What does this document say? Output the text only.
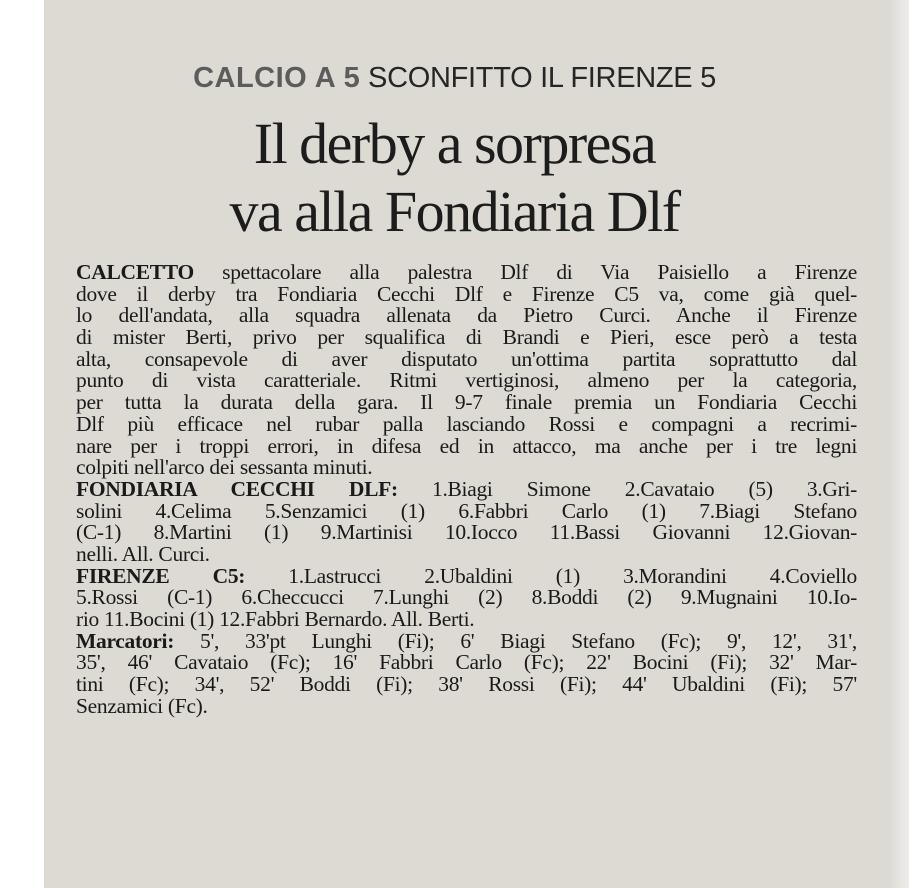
CALCIO A 5 SCONFITTO IL FIRENZE 5
Il derby a sorpresa
va alla Fondiaria Dlf
CALCETTO spettacolare alla palestra Dlf di Via Paisiello a Firenze
dove il derby tra Fondiaria Cecchi Dlf e Firenze C5 va, come già quel-
lo dell'andata, alla squadra allenata da Pietro Curci. Anche il Firenze
di mister Berti, privo per squalifica di Brandi e Pieri, esce però a testa
alta, consapevole di aver disputato un'ottima partita soprattutto dal
punto di vista caratteriale. Ritmi vertiginosi, almeno per la categoria,
per tutta la durata della gara. Il 9-7 finale premia un Fondiaria Cecchi
Dlf più efficace nel rubar palla lasciando Rossi e compagni a recrimi-
nare per i troppi errori, in difesa ed in attacco, ma anche per i tre legni
colpiti nell'arco dei sessanta minuti.
FONDIARIA CECCHI DLF: 1.Biagi Simone 2.Cavataio (5) 3.Gri-
solini 4.Celima 5.Senzamici (1) 6.Fabbri Carlo (1) 7.Biagi Stefano
(C-1) 8.Martini (1) 9.Martinisi 10.Iocco 11.Bassi Giovanni 12.Giovan-
nelli. All. Curci.
FIRENZE C5: 1.Lastrucci 2.Ubaldini (1) 3.Morandini 4.Coviello
5.Rossi (C-1) 6.Checcucci 7.Lunghi (2) 8.Boddi (2) 9.Mugnaini 10.Io-
rio 11.Bocini (1) 12.Fabbri Bernardo. All. Berti.
Marcatori: 5', 33'pt Lunghi (Fi); 6' Biagi Stefano (Fc); 9', 12', 31',
35', 46' Cavataio (Fc); 16' Fabbri Carlo (Fc); 22' Bocini (Fi); 32' Mar-
tini (Fc); 34', 52' Boddi (Fi); 38' Rossi (Fi); 44' Ubaldini (Fi); 57'
Senzamici (Fc).
